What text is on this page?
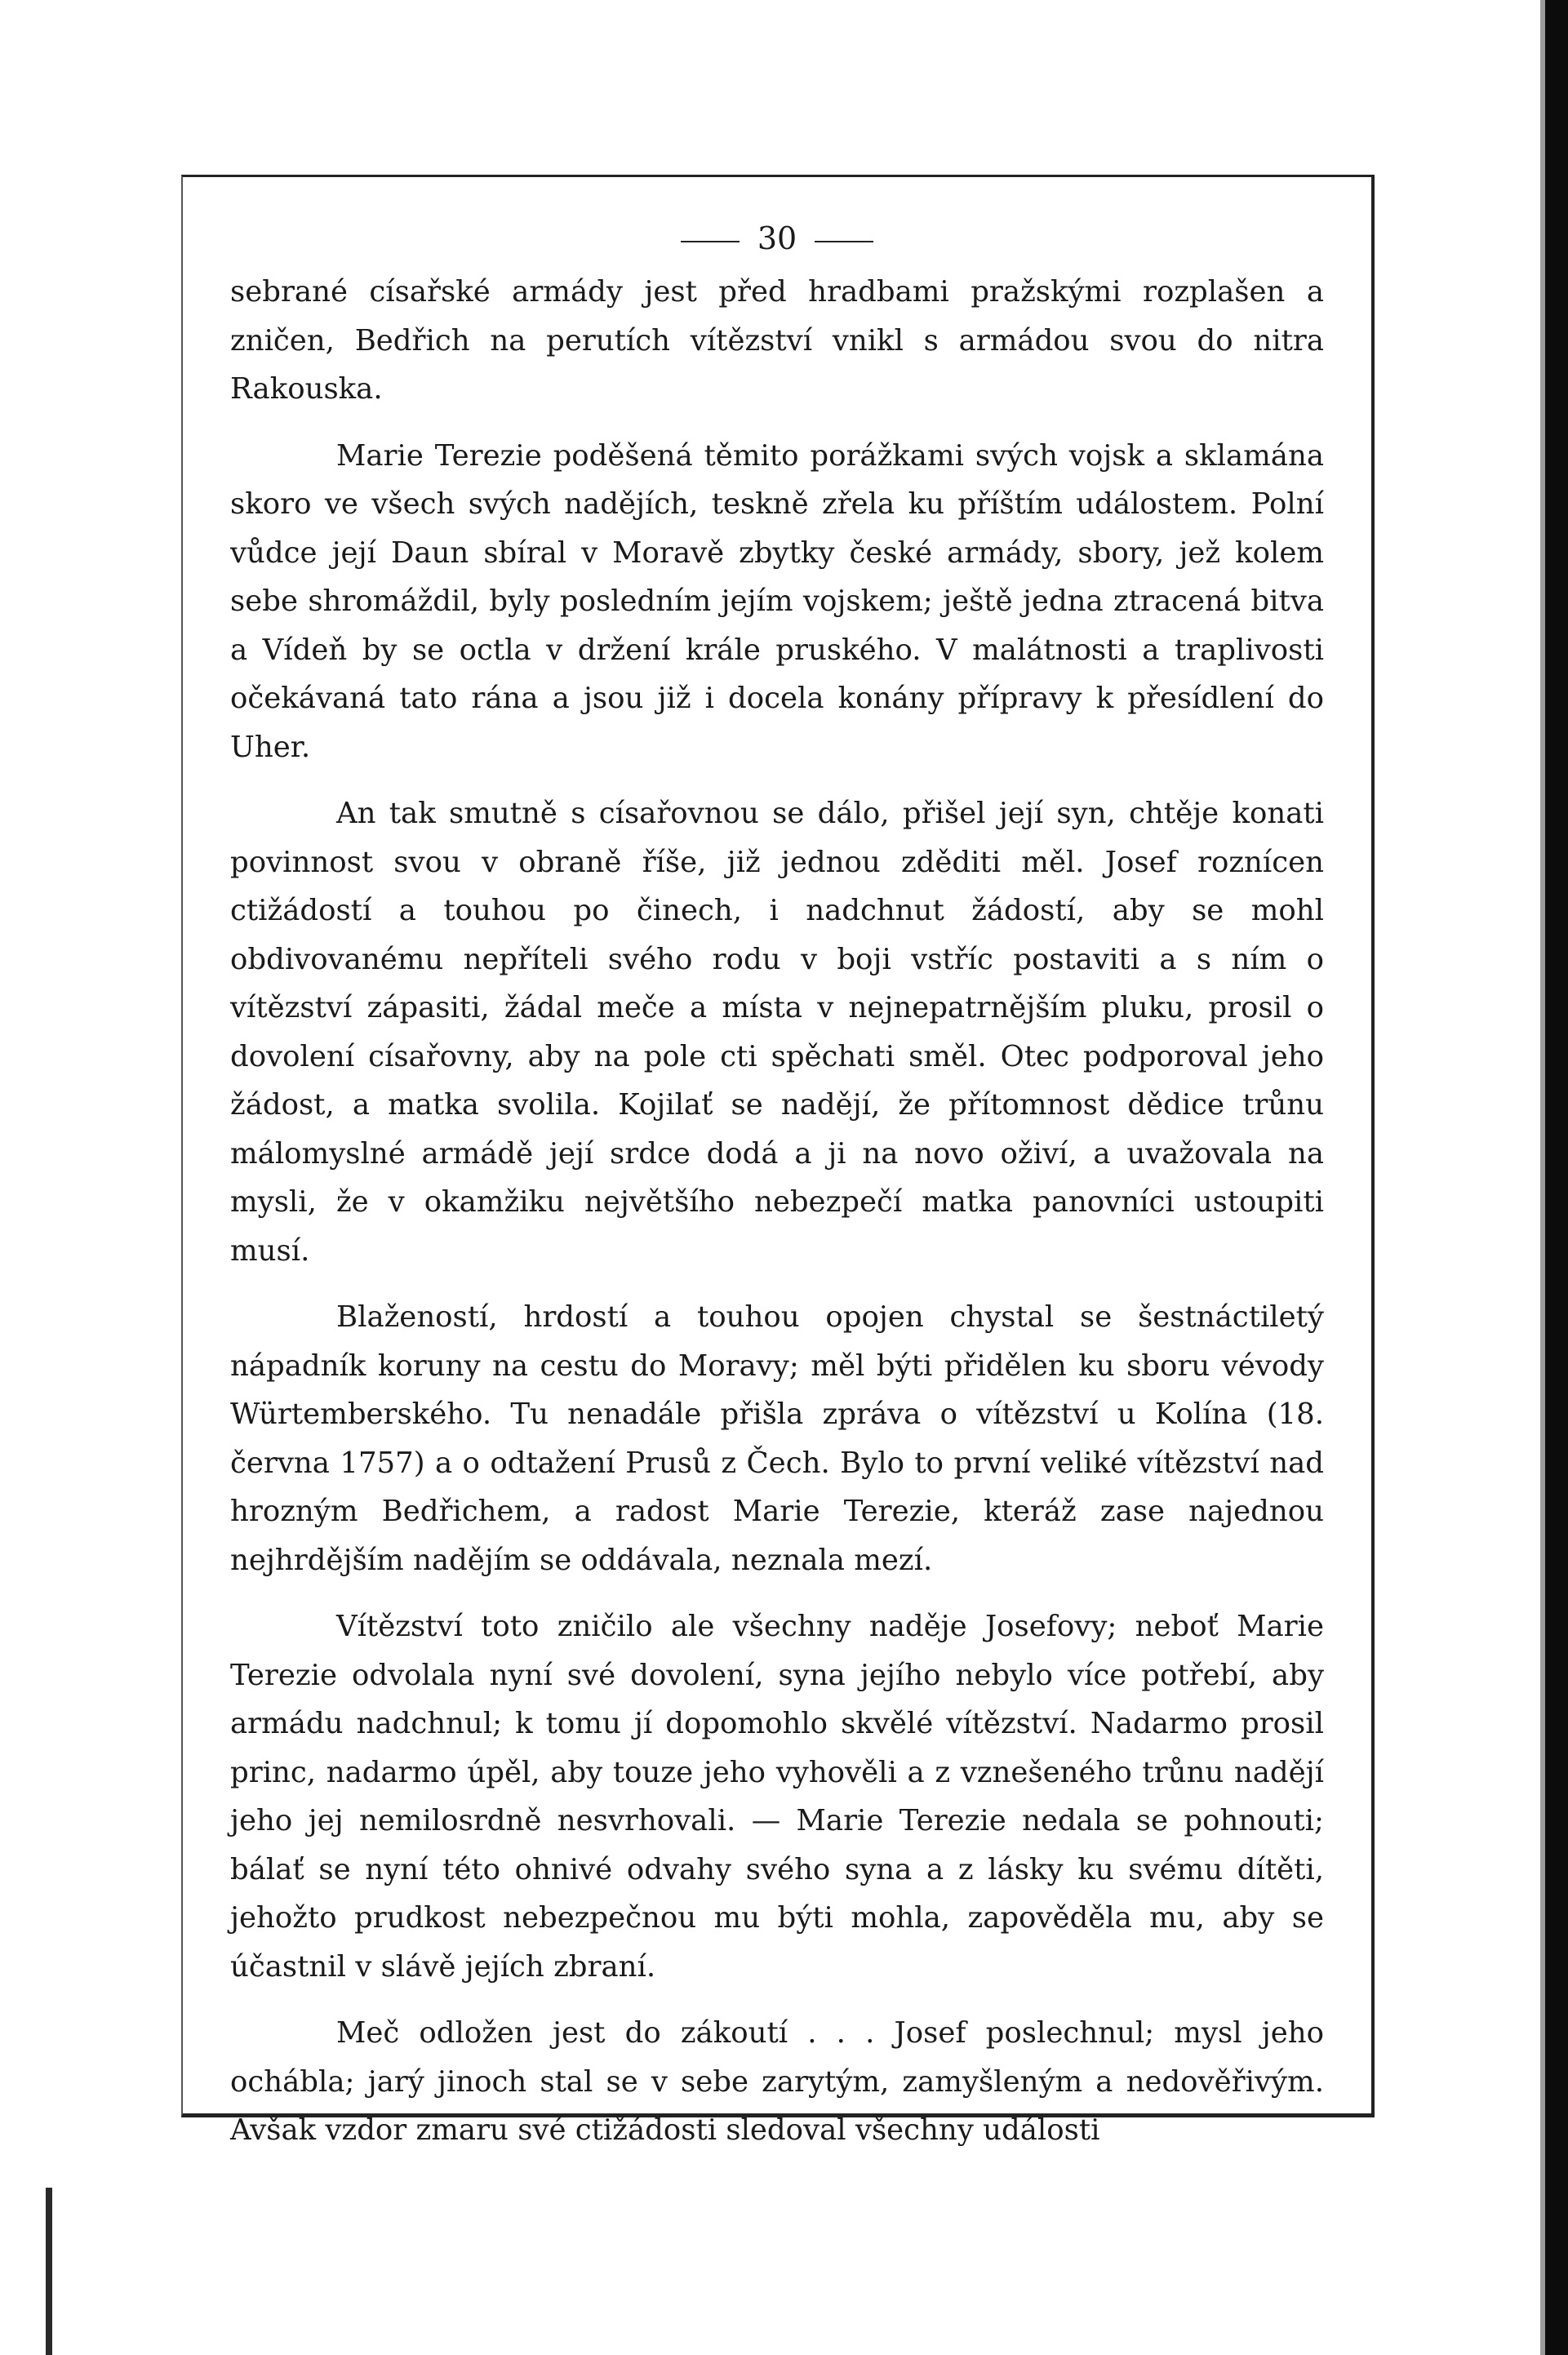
30

sebrané císařské armády jest před hradbami pražskými rozplašen a zničen, Bedřich na perutích vítězství vnikl s armádou svou do nitra Rakouska.

Marie Terezie poděšená těmito porážkami svých vojsk a sklamána skoro ve všech svých nadějích, teskně zřela ku příštím událostem. Polní vůdce její Daun sbíral v Moravě zbytky české armády, sbory, jež kolem sebe shromáždil, byly posledním jejím vojskem; ještě jedna ztracená bitva a Vídeň by se octla v držení krále pruského. V malátnosti a traplivosti očekávaná tato rána a jsou již i docela konány přípravy k přesídlení do Uher.

An tak smutně s císařovnou se dálo, přišel její syn, chtěje konati povinnost svou v obraně říše, již jednou zděditi měl. Josef roznícen ctižádostí a touhou po činech, i nadchnut žádostí, aby se mohl obdivovanému nepříteli svého rodu v boji vstříc postaviti a s ním o vítězství zápasiti, žádal meče a místa v nejnepatrnějším pluku, prosil o dovolení císařovny, aby na pole cti spěchati směl. Otec podporoval jeho žádost, a matka svolila. Kojilať se nadějí, že přítomnost dědice trůnu málomyslné armádě její srdce dodá a ji na novo oživí, a uvažovala na mysli, že v okamžiku největšího nebezpečí matka panovníci ustoupiti musí.

Blažeností, hrdostí a touhou opojen chystal se šestnáctiletý nápadník koruny na cestu do Moravy; měl býti přidělen ku sboru vévody Würtemberského. Tu nenadále přišla zpráva o vítězství u Kolína (18. června 1757) a o odtažení Prusů z Čech. Bylo to první veliké vítězství nad hrozným Bedřichem, a radost Marie Terezie, kteráž zase najednou nejhrdějším nadějím se oddávala, neznala mezí.

Vítězství toto zničilo ale všechny naděje Josefovy; neboť Marie Terezie odvolala nyní své dovolení, syna jejího nebylo více potřebí, aby armádu nadchnul; k tomu jí dopomohlo skvělé vítězství. Nadarmo prosil princ, nadarmo úpěl, aby touze jeho vyhověli a z vznešeného trůnu nadějí jeho jej nemilosrdně nesvrhovali. — Marie Terezie nedala se pohnouti; bálať se nyní této ohnivé odvahy svého syna a z lásky ku svému dítěti, jehožto prudkost nebezpečnou mu býti mohla, zapověděla mu, aby se účastnil v slávě jejích zbraní.

Meč odložen jest do zákoutí . . . Josef poslechnul; mysl jeho ochábla; jarý jinoch stal se v sebe zarytým, zamyšleným a nedověřivým. Avšak vzdor zmaru své ctižádosti sledoval všechny události
